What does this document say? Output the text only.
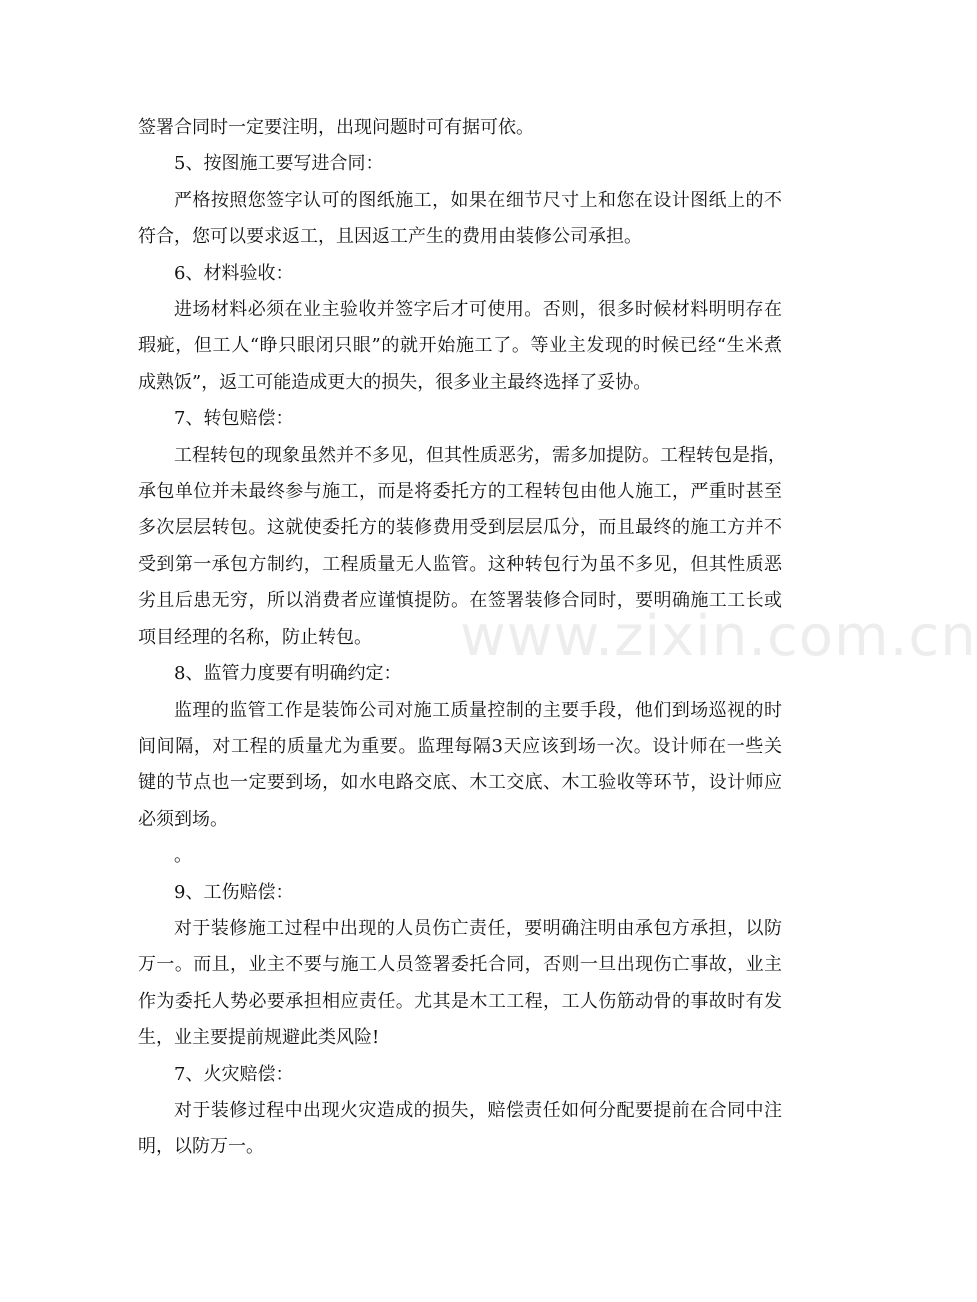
签署合同时一定要注明，出现问题时可有据可依。
5、按图施工要写进合同：
严格按照您签字认可的图纸施工，如果在细节尺寸上和您在设计图纸上的不
符合，您可以要求返工，且因返工产生的费用由装修公司承担。
6、材料验收：
进场材料必须在业主验收并签字后才可使用。否则，很多时候材料明明存在
瑕疵，但工人“睁只眼闭只眼”的就开始施工了。等业主发现的时候已经“生米煮
成熟饭”，返工可能造成更大的损失，很多业主最终选择了妥协。
7、转包赔偿：
工程转包的现象虽然并不多见，但其性质恶劣，需多加提防。工程转包是指，
承包单位并未最终参与施工，而是将委托方的工程转包由他人施工，严重时甚至
多次层层转包。这就使委托方的装修费用受到层层瓜分，而且最终的施工方并不
受到第一承包方制约，工程质量无人监管。这种转包行为虽不多见，但其性质恶
劣且后患无穷，所以消费者应谨慎提防。在签署装修合同时，要明确施工工长或
项目经理的名称，防止转包。
8、监管力度要有明确约定：
监理的监管工作是装饰公司对施工质量控制的主要手段，他们到场巡视的时
间间隔，对工程的质量尤为重要。监理每隔3天应该到场一次。设计师在一些关
键的节点也一定要到场，如水电路交底、木工交底、木工验收等环节，设计师应
必须到场。
。
9、工伤赔偿：
对于装修施工过程中出现的人员伤亡责任，要明确注明由承包方承担，以防
万一。而且，业主不要与施工人员签署委托合同，否则一旦出现伤亡事故，业主
作为委托人势必要承担相应责任。尤其是木工工程，工人伤筋动骨的事故时有发
生，业主要提前规避此类风险!
7、火灾赔偿：
对于装修过程中出现火灾造成的损失，赔偿责任如何分配要提前在合同中注
明，以防万一。
www.zixin.com.cn
